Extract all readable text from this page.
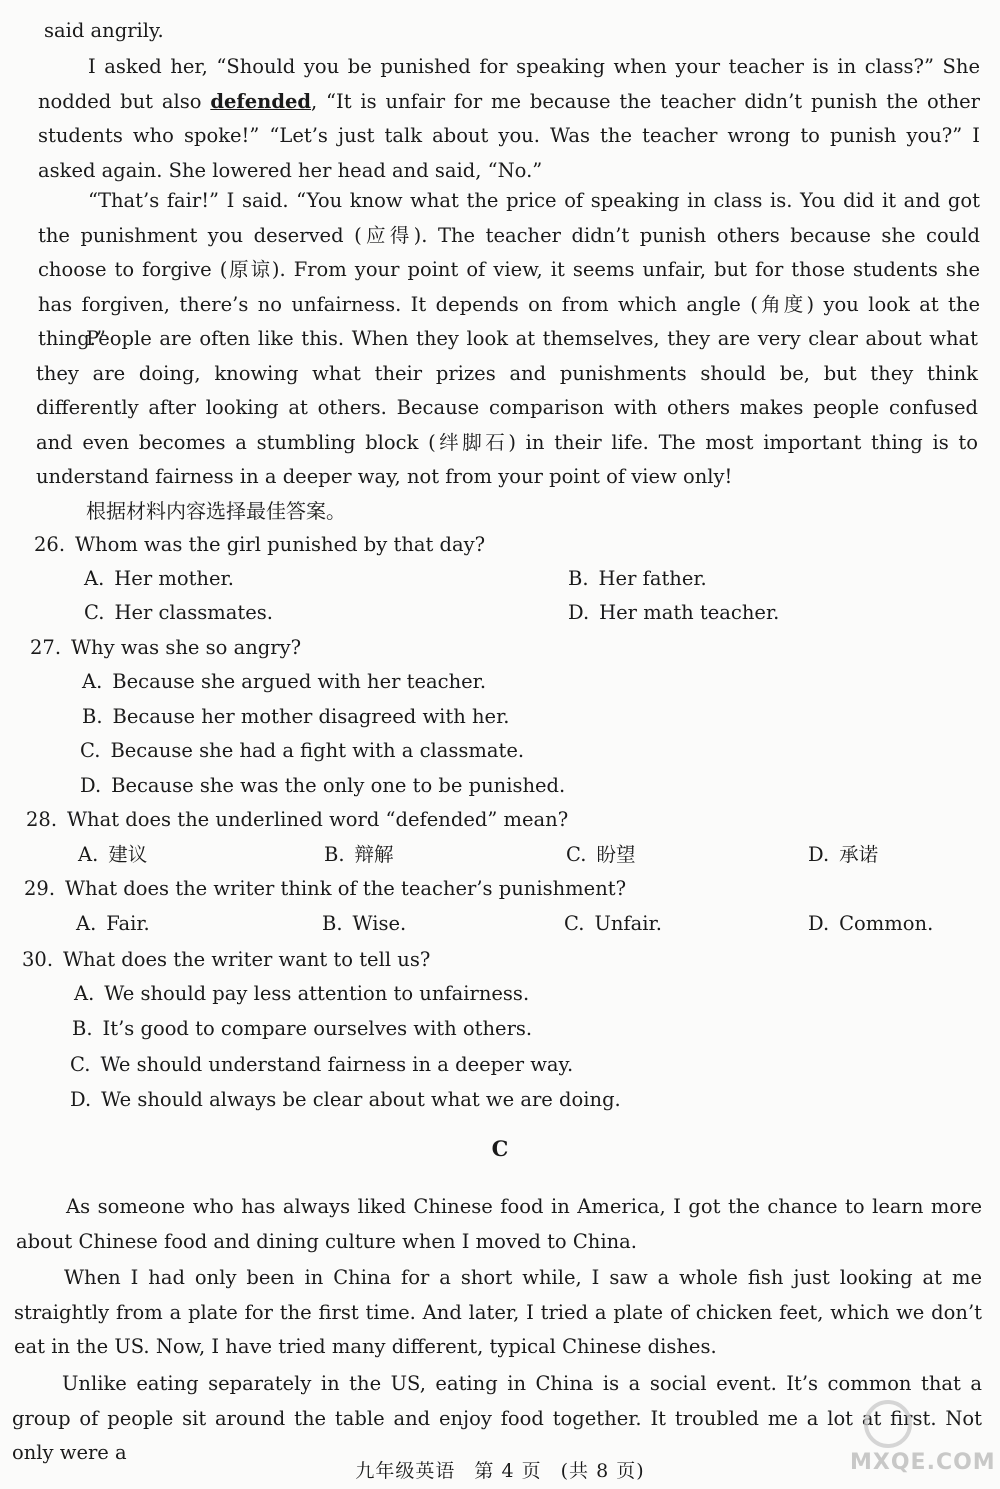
said angrily.

I asked her, “Should you be punished for speaking when your teacher is in class?” She nodded but also defended, “It is unfair for me because the teacher didn’t punish the other students who spoke!” “Let’s just talk about you. Was the teacher wrong to punish you?” I asked again. She lowered her head and said, “No.”

“That’s fair!” I said. “You know what the price of speaking in class is. You did it and got the punishment you deserved (应得). The teacher didn’t punish others because she could choose to forgive (原谅). From your point of view, it seems unfair, but for those students she has forgiven, there’s no unfairness. It depends on from which angle (角度) you look at the thing.”

People are often like this. When they look at themselves, they are very clear about what they are doing, knowing what their prizes and punishments should be, but they think differently after looking at others. Because comparison with others makes people confused and even becomes a stumbling block (绊脚石) in their life. The most important thing is to understand fairness in a deeper way, not from your point of view only!

根据材料内容选择最佳答案。
26. Whom was the girl punished by that day?
A. Her mother.	B. Her father.
C. Her classmates.	D. Her math teacher.
27. Why was she so angry?
A. Because she argued with her teacher.
B. Because her mother disagreed with her.
C. Because she had a fight with a classmate.
D. Because she was the only one to be punished.
28. What does the underlined word “defended” mean?
A. 建议	B. 辩解	C. 盼望	D. 承诺
29. What does the writer think of the teacher’s punishment?
A. Fair.	B. Wise.	C. Unfair.	D. Common.
30. What does the writer want to tell us?
A. We should pay less attention to unfairness.
B. It’s good to compare ourselves with others.
C. We should understand fairness in a deeper way.
D. We should always be clear about what we are doing.
C

As someone who has always liked Chinese food in America, I got the chance to learn more about Chinese food and dining culture when I moved to China.

When I had only been in China for a short while, I saw a whole fish just looking at me straightly from a plate for the first time. And later, I tried a plate of chicken feet, which we don’t eat in the US. Now, I have tried many different, typical Chinese dishes.

Unlike eating separately in the US, eating in China is a social event. It’s common that a group of people sit around the table and enjoy food together. It troubled me a lot at first. Not only were a	MXQE.COM
九年级英语 第 4 页 (共 8 页)
